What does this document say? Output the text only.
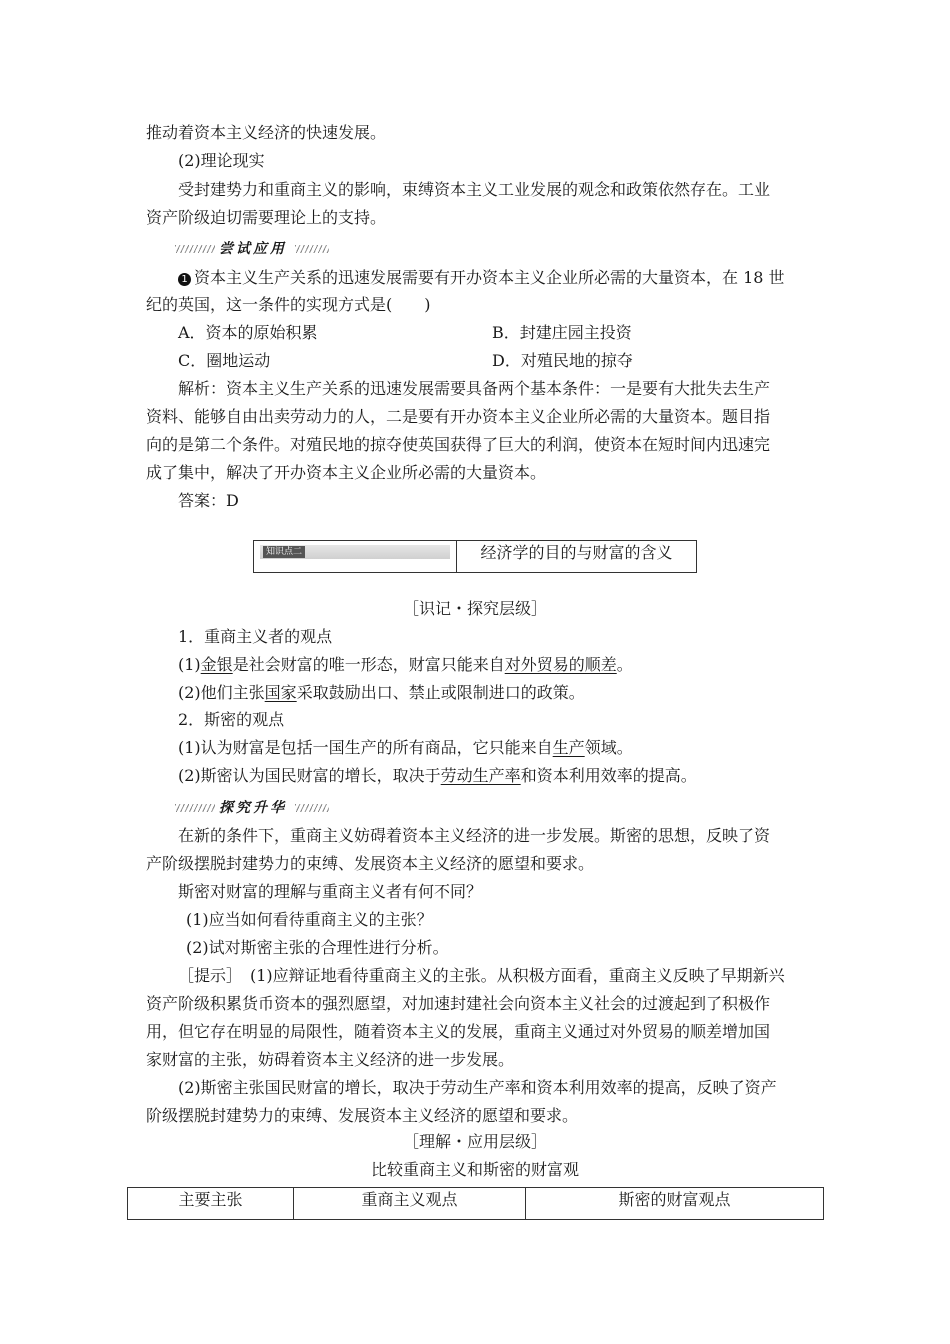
推动着资本主义经济的快速发展。
(2)理论现实
受封建势力和重商主义的影响，束缚资本主义工业发展的观念和政策依然存在。工业
资产阶级迫切需要理论上的支持。
尝试应用
1 资本主义生产关系的迅速发展需要有开办资本主义企业所必需的大量资本，在 18 世
纪的英国，这一条件的实现方式是(　　)
A．资本的原始积累	B．封建庄园主投资
C．圈地运动	D．对殖民地的掠夺
解析：资本主义生产关系的迅速发展需要具备两个基本条件：一是要有大批失去生产
资料、能够自由出卖劳动力的人，二是要有开办资本主义企业所必需的大量资本。题目指
向的是第二个条件。对殖民地的掠夺使英国获得了巨大的利润，使资本在短时间内迅速完
成了集中，解决了开办资本主义企业所必需的大量资本。
答案：D
知识点二	经济学的目的与财富的含义
［识记・探究层级］
1．重商主义者的观点
(1)金银是社会财富的唯一形态，财富只能来自对外贸易的顺差。
(2)他们主张国家采取鼓励出口、禁止或限制进口的政策。
2．斯密的观点
(1)认为财富是包括一国生产的所有商品，它只能来自生产领域。
(2)斯密认为国民财富的增长，取决于劳动生产率和资本利用效率的提高。
探究升华
在新的条件下，重商主义妨碍着资本主义经济的进一步发展。斯密的思想，反映了资
产阶级摆脱封建势力的束缚、发展资本主义经济的愿望和要求。
斯密对财富的理解与重商主义者有何不同？
(1)应当如何看待重商主义的主张？
(2)试对斯密主张的合理性进行分析。
［提示］　(1)应辩证地看待重商主义的主张。从积极方面看，重商主义反映了早期新兴
资产阶级积累货币资本的强烈愿望，对加速封建社会向资本主义社会的过渡起到了积极作
用，但它存在明显的局限性，随着资本主义的发展，重商主义通过对外贸易的顺差增加国
家财富的主张，妨碍着资本主义经济的进一步发展。
(2)斯密主张国民财富的增长，取决于劳动生产率和资本利用效率的提高，反映了资产
阶级摆脱封建势力的束缚、发展资本主义经济的愿望和要求。
［理解・应用层级］
比较重商主义和斯密的财富观
主要主张	重商主义观点	斯密的财富观点
